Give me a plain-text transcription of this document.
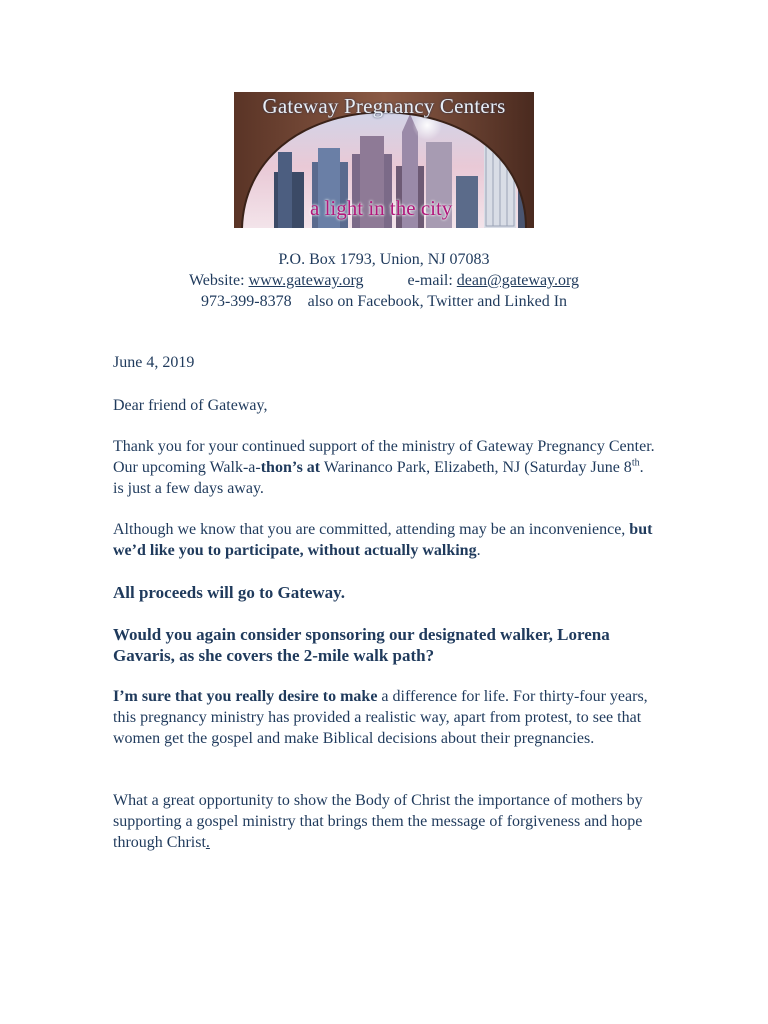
Gateway Pregnancy Centers
a light in the city
P.O. Box 1793, Union, NJ 07083
Website: www.gateway.org	e-mail: dean@gateway.org
973-399-8378 also on Facebook, Twitter and Linked In

June 4, 2019

Dear friend of Gateway,

Thank you for your continued support of the ministry of Gateway Pregnancy Center. Our upcoming Walk-a-thon’s at Warinanco Park, Elizabeth, NJ (Saturday June 8th. is just a few days away.

Although we know that you are committed, attending may be an inconvenience, but we’d like you to participate, without actually walking.

All proceeds will go to Gateway.

Would you again consider sponsoring our designated walker, Lorena Gavaris, as she covers the 2-mile walk path?

I’m sure that you really desire to make a difference for life. For thirty-four years, this pregnancy ministry has provided a realistic way, apart from protest, to see that women get the gospel and make Biblical decisions about their pregnancies.

What a great opportunity to show the Body of Christ the importance of mothers by supporting a gospel ministry that brings them the message of forgiveness and hope through Christ.
